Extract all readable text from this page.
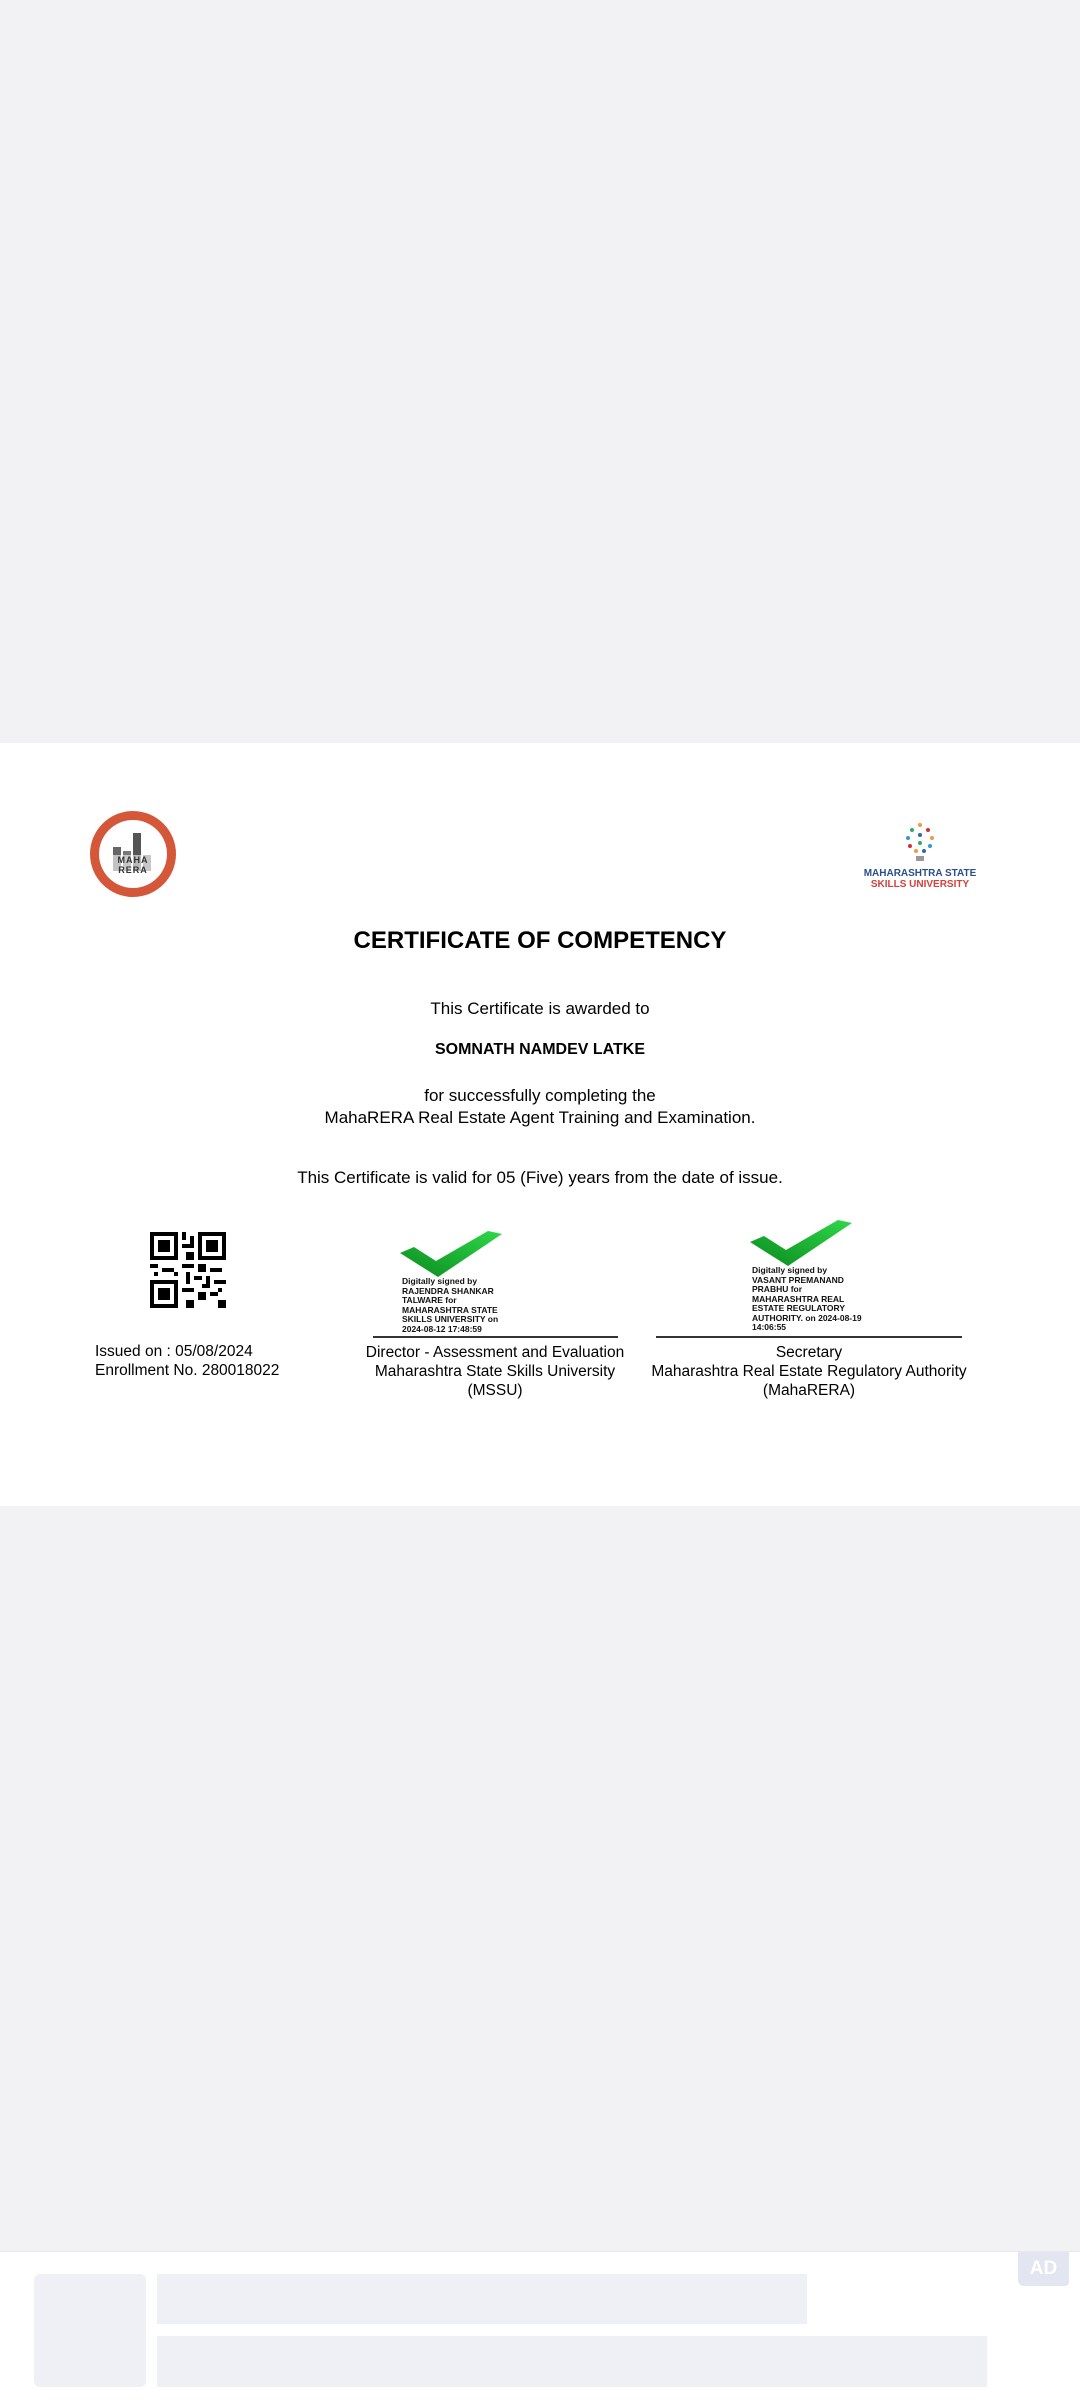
MAHA RERA	MAHARASHTRA STATE
SKILLS UNIVERSITY
CERTIFICATE OF COMPETENCY
This Certificate is awarded to
SOMNATH NAMDEV LATKE
for successfully completing the
MahaRERA Real Estate Agent Training and Examination.
This Certificate is valid for 05 (Five) years from the date of issue.
Issued on : 05/08/2024
Enrollment No. 280018022
Digitally signed by
RAJENDRA SHANKAR
TALWARE for
MAHARASHTRA STATE
SKILLS UNIVERSITY on
2024-08-12 17:48:59
Director - Assessment and Evaluation
Maharashtra State Skills University
(MSSU)
Digitally signed by
VASANT PREMANAND
PRABHU for
MAHARASHTRA REAL
ESTATE REGULATORY
AUTHORITY. on 2024-08-19
14:06:55
Secretary
Maharashtra Real Estate Regulatory Authority
(MahaRERA)
AD
